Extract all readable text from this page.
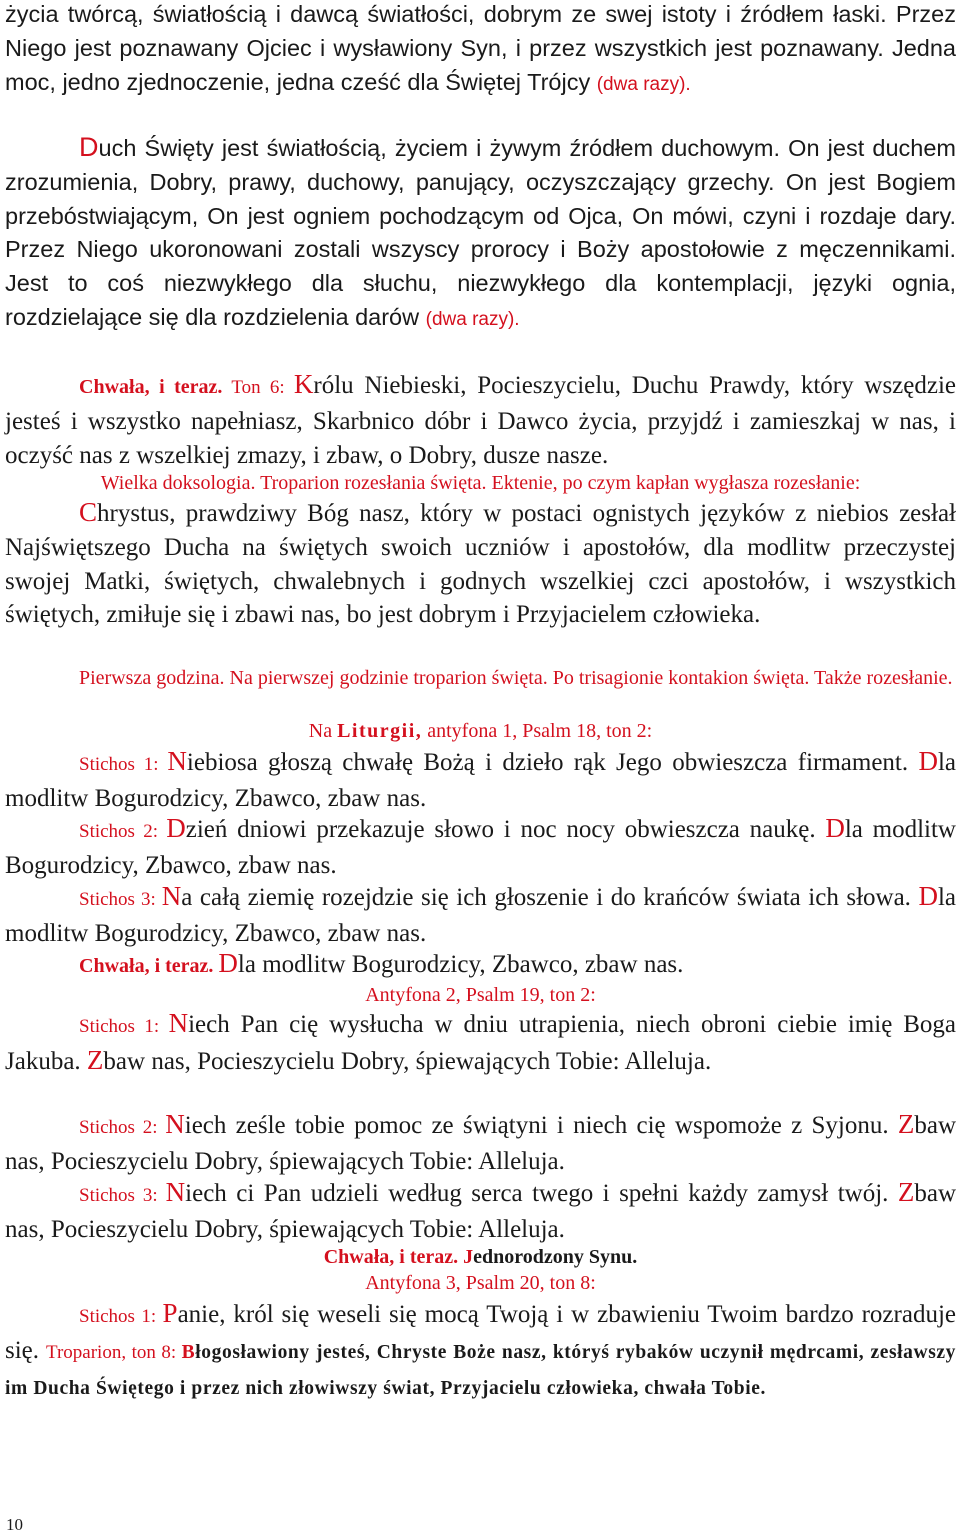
życia twórcą, światłością i dawcą światłości, dobrym ze swej istoty i źródłem łaski. Przez Niego jest poznawany Ojciec i wysławiony Syn, i przez wszystkich jest poznawany. Jedna moc, jedno zjednoczenie, jedna cześć dla Świętej Trójcy (dwa razy).

Duch Święty jest światłością, życiem i żywym źródłem duchowym. On jest duchem zrozumienia, Dobry, prawy, duchowy, panujący, oczyszczający grzechy. On jest Bogiem przebóstwiającym, On jest ogniem pochodzącym od Ojca, On mówi, czyni i rozdaje dary. Przez Niego ukoronowani zostali wszyscy prorocy i Boży apostołowie z męczennikami. Jest to coś niezwykłego dla słuchu, niezwykłego dla kontemplacji, języki ognia, rozdzielające się dla rozdzielenia darów (dwa razy).

Chwała, i teraz. Ton 6: Królu Niebieski, Pocieszycielu, Duchu Prawdy, który wszędzie jesteś i wszystko napełniasz, Skarbnico dóbr i Dawco życia, przyjdź i zamieszkaj w nas, i oczyść nas z wszelkiej zmazy, i zbaw, o Dobry, dusze nasze.

Wielka doksologia. Troparion rozesłania święta. Ektenie, po czym kapłan wygłasza rozesłanie:

Chrystus, prawdziwy Bóg nasz, który w postaci ognistych języków z niebios zesłał Najświętszego Ducha na świętych swoich uczniów i apostołów, dla modlitw przeczystej swojej Matki, świętych, chwalebnych i godnych wszelkiej czci apostołów, i wszystkich świętych, zmiłuje się i zbawi nas, bo jest dobrym i Przyjacielem człowieka.

Pierwsza godzina. Na pierwszej godzinie troparion święta. Po trisagionie kontakion święta. Także rozesłanie.

Na Liturgii, antyfona 1, Psalm 18, ton 2:

Stichos 1: Niebiosa głoszą chwałę Bożą i dzieło rąk Jego obwieszcza firmament. Dla modlitw Bogurodzicy, Zbawco, zbaw nas.

Stichos 2: Dzień dniowi przekazuje słowo i noc nocy obwieszcza naukę. Dla modlitw Bogurodzicy, Zbawco, zbaw nas.

Stichos 3: Na całą ziemię rozejdzie się ich głoszenie i do krańców świata ich słowa. Dla modlitw Bogurodzicy, Zbawco, zbaw nas.

Chwała, i teraz. Dla modlitw Bogurodzicy, Zbawco, zbaw nas.

Antyfona 2, Psalm 19, ton 2:

Stichos 1: Niech Pan cię wysłucha w dniu utrapienia, niech obroni ciebie imię Boga Jakuba. Zbaw nas, Pocieszycielu Dobry, śpiewających Tobie: Alleluja.

Stichos 2: Niech ześle tobie pomoc ze świątyni i niech cię wspomoże z Syjonu. Zbaw nas, Pocieszycielu Dobry, śpiewających Tobie: Alleluja.

Stichos 3: Niech ci Pan udzieli według serca twego i spełni każdy zamysł twój. Zbaw nas, Pocieszycielu Dobry, śpiewających Tobie: Alleluja.

Chwała, i teraz. Jednorodzony Synu.

Antyfona 3, Psalm 20, ton 8:

Stichos 1: Panie, król się weseli się mocą Twoją i w zbawieniu Twoim bardzo rozraduje się. Troparion, ton 8: Błogosławiony jesteś, Chryste Boże nasz, któryś rybaków uczynił mędrcami, zesławszy im Ducha Świętego i przez nich złowiwszy świat, Przyjacielu człowieka, chwała Tobie.

10
